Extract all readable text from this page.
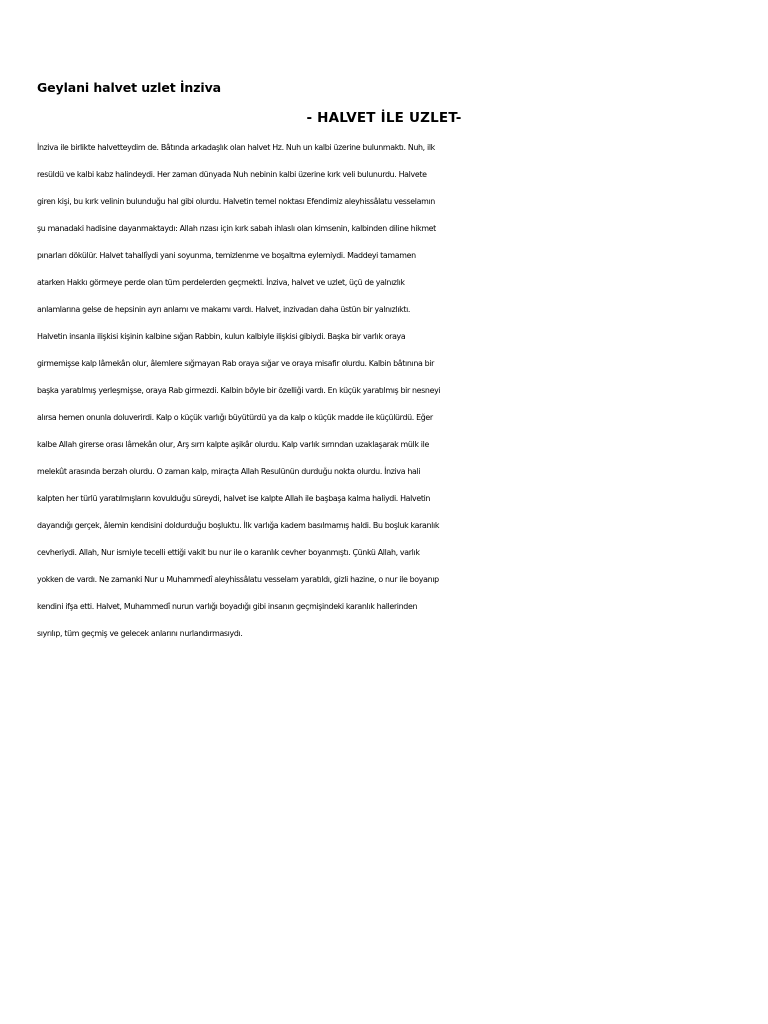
Geylani halvet uzlet İnziva
- HALVET İLE UZLET-
İnziva ile birlikte halvetteydim de. Bâtında arkadaşlık olan halvet Hz. Nuh un kalbi üzerine bulunmaktı. Nuh, ilk
resüldü ve kalbi kabz halindeydi. Her zaman dünyada Nuh nebinin kalbi üzerine kırk veli bulunurdu. Halvete
giren kişi, bu kırk velinin bulunduğu hal gibi olurdu. Halvetin temel noktası Efendimiz aleyhissâlatu vesselamın
şu manadaki hadisine dayanmaktaydı: Allah rızası için kırk sabah ihlaslı olan kimsenin, kalbinden diline hikmet
pınarları dökülür. Halvet tahallîydi yani soyunma, temizlenme ve boşaltma eylemiydi. Maddeyi tamamen
atarken Hakkı görmeye perde olan tüm perdelerden geçmekti. İnziva, halvet ve uzlet, üçü de yalnızlık
anlamlarına gelse de hepsinin ayrı anlamı ve makamı vardı. Halvet, inzivadan daha üstün bir yalnızlıktı.
Halvetin insanla ilişkisi kişinin kalbine sığan Rabbin, kulun kalbiyle ilişkisi gibiydi. Başka bir varlık oraya
girmemişse kalp lâmekân olur, âlemlere sığmayan Rab oraya sığar ve oraya misafir olurdu. Kalbin bâtınına bir
başka yaratılmış yerleşmişse, oraya Rab girmezdi. Kalbin böyle bir özelliği vardı. En küçük yaratılmış bir nesneyi
alırsa hemen onunla doluverirdi. Kalp o küçük varlığı büyütürdü ya da kalp o küçük madde ile küçülürdü. Eğer
kalbe Allah girerse orası lâmekân olur, Arş sırrı kalpte aşikâr olurdu. Kalp varlık sırrından uzaklaşarak mülk ile
melekût arasında berzah olurdu. O zaman kalp, miraçta Allah Resulünün durduğu nokta olurdu. İnziva hali
kalpten her türlü yaratılmışların kovulduğu süreydi, halvet ise kalpte Allah ile başbaşa kalma haliydi. Halvetin
dayandığı gerçek, âlemin kendisini doldurduğu boşluktu. İlk varlığa kadem basılmamış haldi. Bu boşluk karanlık
cevheriydi. Allah, Nur ismiyle tecelli ettiği vakit bu nur ile o karanlık cevher boyanmıştı. Çünkü Allah, varlık
yokken de vardı. Ne zamanki Nur u Muhammedî aleyhissâlatu vesselam yaratıldı, gizli hazine, o nur ile boyanıp
kendini ifşa etti. Halvet, Muhammedî nurun varlığı boyadığı gibi insanın geçmişindeki karanlık hallerinden
sıyrılıp, tüm geçmiş ve gelecek anlarını nurlandırmasıydı.
